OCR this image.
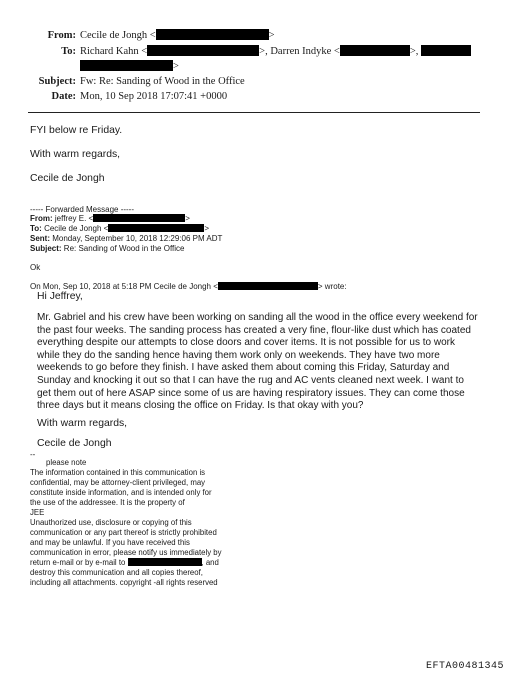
From: Cecile de Jongh <	>
To: Richard Kahn <	>, Darren Indyke <	>,
>
Subject: Fw: Re: Sanding of Wood in the Office
Date: Mon, 10 Sep 2018 17:07:41 +0000
FYI below re Friday.
With warm regards,
Cecile de Jongh
----- Forwarded Message -----
From: jeffrey E. <	>
To: Cecile de Jongh <	>
Sent: Monday, September 10, 2018 12:29:06 PM ADT
Subject: Re: Sanding of Wood in the Office
Ok
On Mon, Sep 10, 2018 at 5:18 PM Cecile de Jongh <	> wrote:
Hi Jeffrey,
Mr. Gabriel and his crew have been working on sanding all the wood in the office every weekend for
the past four weeks. The sanding process has created a very fine, flour-like dust which has coated
everything despite our attempts to close doors and cover items. It is not possible for us to work
while they do the sanding hence having them work only on weekends. They have two more
weekends to go before they finish. I have asked them about coming this Friday, Saturday and
Sunday and knocking it out so that I can have the rug and AC vents cleaned next week. I want to
get them out of here ASAP since some of us are having respiratory issues. They can come those
three days but it means closing the office on Friday. Is that okay with you?
With warm regards,
Cecile de Jongh
--
please note
The information contained in this communication is
confidential, may be attorney-client privileged, may
constitute inside information, and is intended only for
the use of the addressee. It is the property of
JEE
Unauthorized use, disclosure or copying of this
communication or any part thereof is strictly prohibited
and may be unlawful. If you have received this
communication in error, please notify us immediately by
return e-mail or by e-mail to	, and
destroy this communication and all copies thereof,
including all attachments. copyright -all rights reserved
EFTA00481345
